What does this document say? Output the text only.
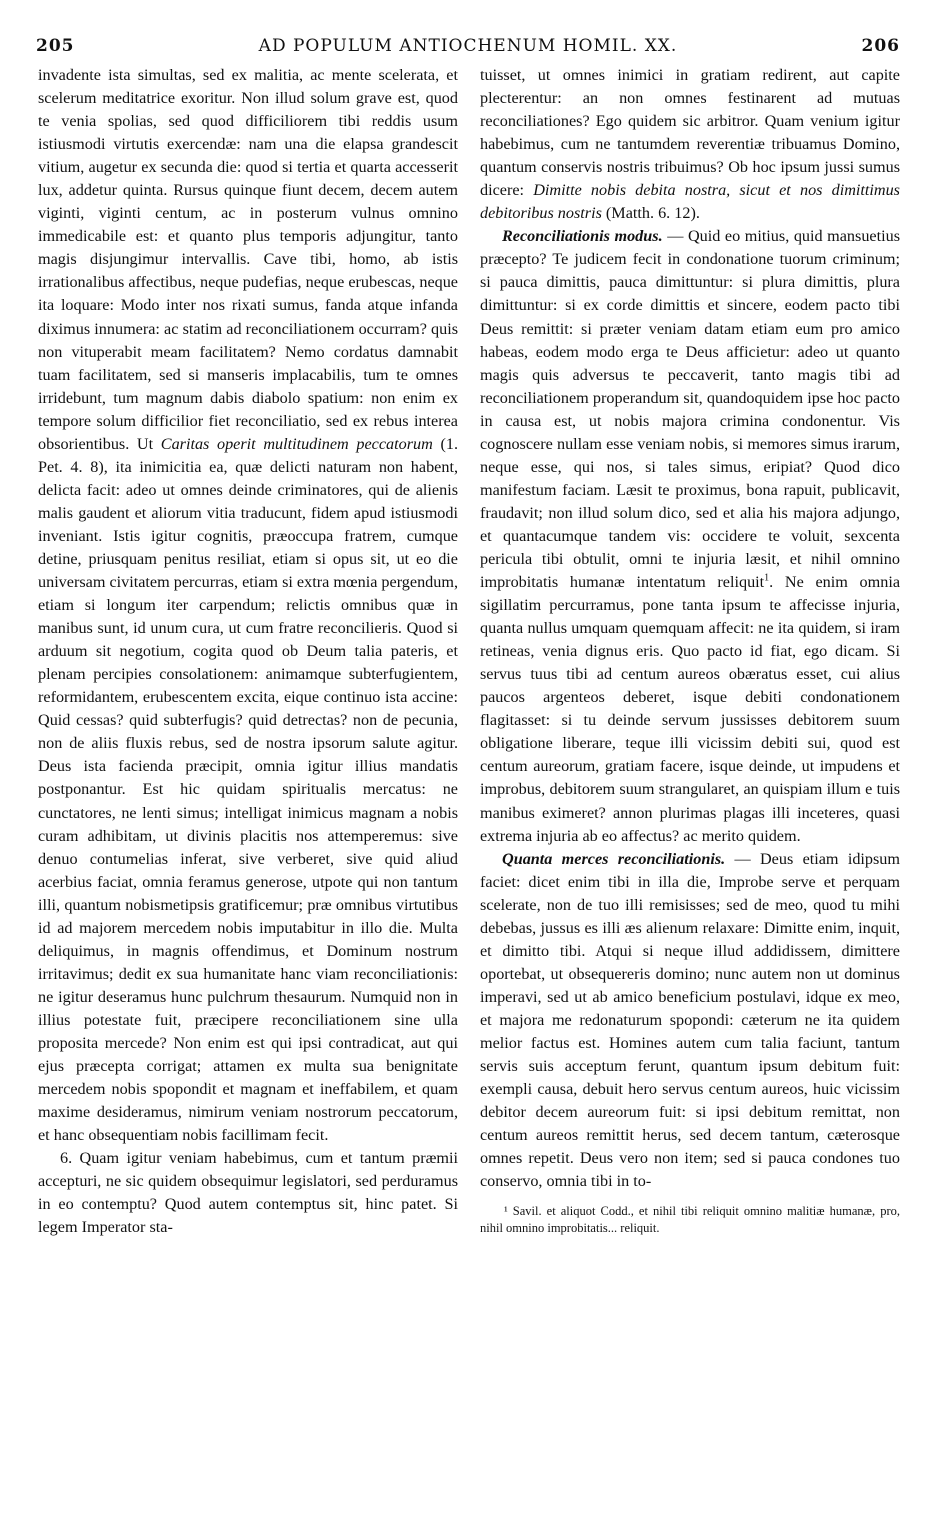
205	AD POPULUM ANTIOCHENUM HOMIL. XX.	206

invadente ista simultas, sed ex malitia, ac mente scelerata, et scelerum meditatrice exoritur. Non illud solum grave est, quod te venia spolias, sed quod difficiliorem tibi reddis usum istiusmodi virtutis exercendæ: nam una die elapsa grandescit vitium, augetur ex secunda die: quod si tertia et quarta accesserit lux, addetur quinta. Rursus quinque fiunt decem, decem autem viginti, viginti centum, ac in posterum vulnus omnino immedicabile est: et quanto plus temporis adjungitur, tanto magis disjungimur intervallis. Cave tibi, homo, ab istis irrationalibus affectibus, neque pudefias, neque erubescas, neque ita loquare: Modo inter nos rixati sumus, fanda atque infanda diximus innumera: ac statim ad reconciliationem occurram? quis non vituperabit meam facilitatem? Nemo cordatus damnabit tuam facilitatem, sed si manseris implacabilis, tum te omnes irridebunt, tum magnum dabis diabolo spatium: non enim ex tempore solum difficilior fiet reconciliatio, sed ex rebus interea obsorientibus. Ut Caritas operit multitudinem peccatorum (1. Pet. 4. 8), ita inimicitia ea, quæ delicti naturam non habent, delicta facit: adeo ut omnes deinde criminatores, qui de alienis malis gaudent et aliorum vitia traducunt, fidem apud istiusmodi inveniant. Istis igitur cognitis, præoccupa fratrem, cumque detine, priusquam penitus resiliat, etiam si opus sit, ut eo die universam civitatem percurras, etiam si extra mœnia pergendum, etiam si longum iter carpendum; relictis omnibus quæ in manibus sunt, id unum cura, ut cum fratre reconcilieris. Quod si arduum sit negotium, cogita quod ob Deum talia pateris, et plenam percipies consolationem: animamque subterfugientem, reformidantem, erubescentem excita, eique continuo ista accine: Quid cessas? quid subterfugis? quid detrectas? non de pecunia, non de aliis fluxis rebus, sed de nostra ipsorum salute agitur. Deus ista facienda præcipit, omnia igitur illius mandatis postponantur. Est hic quidam spiritualis mercatus: ne cunctatores, ne lenti simus; intelligat inimicus magnam a nobis curam adhibitam, ut divinis placitis nos attemperemus: sive denuo contumelias inferat, sive verberet, sive quid aliud acerbius faciat, omnia feramus generose, utpote qui non tantum illi, quantum nobismetipsis gratificemur; præ omnibus virtutibus id ad majorem mercedem nobis imputabitur in illo die. Multa deliquimus, in magnis offendimus, et Dominum nostrum irritavimus; dedit ex sua humanitate hanc viam reconciliationis: ne igitur deseramus hunc pulchrum thesaurum. Numquid non in illius potestate fuit, præcipere reconciliationem sine ulla proposita mercede? Non enim est qui ipsi contradicat, aut qui ejus præcepta corrigat; attamen ex multa sua benignitate mercedem nobis spopondit et magnam et ineffabilem, et quam maxime desideramus, nimirum veniam nostrorum peccatorum, et hanc obsequentiam nobis facillimam fecit.

6. Quam igitur veniam habebimus, cum et tantum præmii accepturi, ne sic quidem obsequimur legislatori, sed perduramus in eo contemptu? Quod autem contemptus sit, hinc patet. Si legem Imperator sta-

tuisset, ut omnes inimici in gratiam redirent, aut capite plecterentur: an non omnes festinarent ad mutuas reconciliationes? Ego quidem sic arbitror. Quam venium igitur habebimus, cum ne tantumdem reverentiæ tribuamus Domino, quantum conservis nostris tribuimus? Ob hoc ipsum jussi sumus dicere: Dimitte nobis debita nostra, sicut et nos dimittimus debitoribus nostris (Matth. 6. 12).

Reconciliationis modus. — Quid eo mitius, quid mansuetius præcepto? Te judicem fecit in condonatione tuorum criminum; si pauca dimittis, pauca dimittuntur: si plura dimittis, plura dimittuntur: si ex corde dimittis et sincere, eodem pacto tibi Deus remittit: si præter veniam datam etiam eum pro amico habeas, eodem modo erga te Deus afficietur: adeo ut quanto magis quis adversus te peccaverit, tanto magis tibi ad reconciliationem properandum sit, quandoquidem ipse hoc pacto in causa est, ut nobis majora crimina condonentur. Vis cognoscere nullam esse veniam nobis, si memores simus irarum, neque esse, qui nos, si tales simus, eripiat? Quod dico manifestum faciam. Læsit te proximus, bona rapuit, publicavit, fraudavit; non illud solum dico, sed et alia his majora adjungo, et quantacumque tandem vis: occidere te voluit, sexcenta pericula tibi obtulit, omni te injuria læsit, et nihil omnino improbitatis humanæ intentatum reliquit$^1$. Ne enim omnia sigillatim percurramus, pone tanta ipsum te affecisse injuria, quanta nullus umquam quemquam affecit: ne ita quidem, si iram retineas, venia dignus eris. Quo pacto id fiat, ego dicam. Si servus tuus tibi ad centum aureos obæratus esset, cui alius paucos argenteos deberet, isque debiti condonationem flagitasset: si tu deinde servum jussisses debitorem suum obligatione liberare, teque illi vicissim debiti sui, quod est centum aureorum, gratiam facere, isque deinde, ut impudens et improbus, debitorem suum strangularet, an quispiam illum e tuis manibus eximeret? annon plurimas plagas illi inceteres, quasi extrema injuria ab eo affectus? ac merito quidem.

Quanta merces reconciliationis. — Deus etiam idipsum faciet: dicet enim tibi in illa die, Improbe serve et perquam scelerate, non de tuo illi remisisses; sed de meo, quod tu mihi debebas, jussus es illi æs alienum relaxare: Dimitte enim, inquit, et dimitto tibi. Atqui si neque illud addidissem, dimittere oportebat, ut obsequereris domino; nunc autem non ut dominus imperavi, sed ut ab amico beneficium postulavi, idque ex meo, et majora me redonaturum spopondi: cæterum ne ita quidem melior factus est. Homines autem cum talia faciunt, tantum servis suis acceptum ferunt, quantum ipsum debitum fuit: exempli causa, debuit hero servus centum aureos, huic vicissim debitor decem aureorum fuit: si ipsi debitum remittat, non centum aureos remittit herus, sed decem tantum, cæterosque omnes repetit. Deus vero non item; sed si pauca condones tuo conservo, omnia tibi in to-

¹ Savil. et aliquot Codd., et nihil tibi reliquit omnino malitiæ humanæ, pro, nihil omnino improbitatis... reliquit.
